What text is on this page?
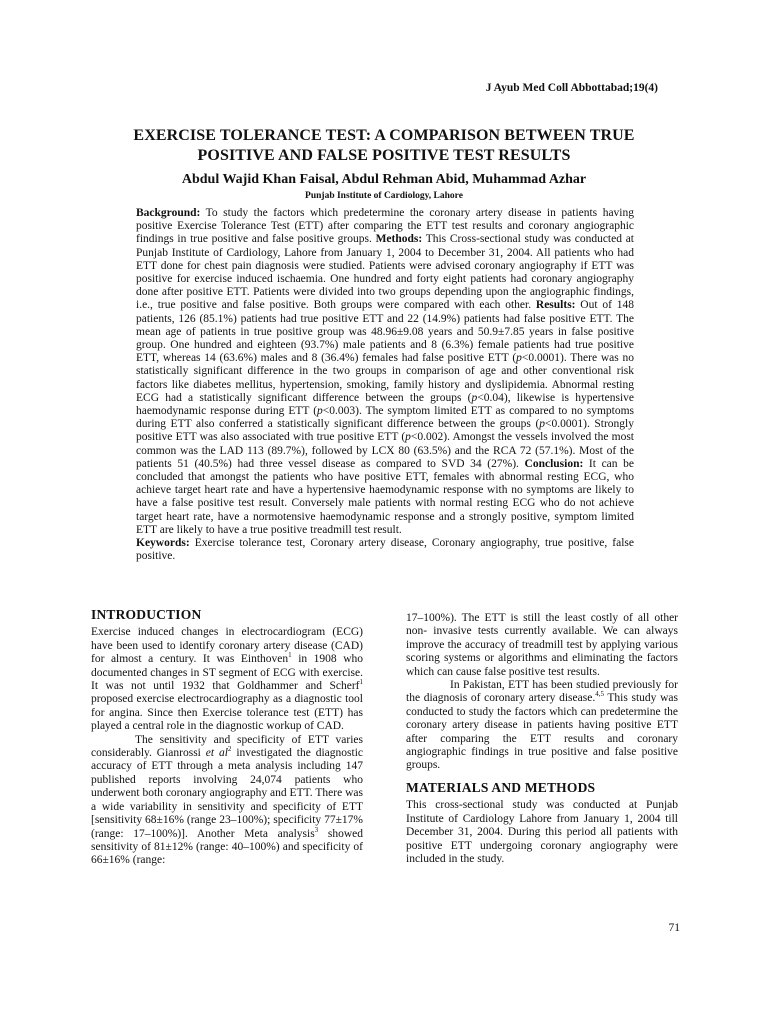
J Ayub Med Coll Abbottabad;19(4)
EXERCISE TOLERANCE TEST: A COMPARISON BETWEEN TRUE
POSITIVE AND FALSE POSITIVE TEST RESULTS
Abdul Wajid Khan Faisal, Abdul Rehman Abid, Muhammad Azhar
Punjab Institute of Cardiology, Lahore

Background: To study the factors which predetermine the coronary artery disease in patients having positive Exercise Tolerance Test (ETT) after comparing the ETT test results and coronary angiographic findings in true positive and false positive groups. Methods: This Cross-sectional study was conducted at Punjab Institute of Cardiology, Lahore from January 1, 2004 to December 31, 2004. All patients who had ETT done for chest pain diagnosis were studied. Patients were advised coronary angiography if ETT was positive for exercise induced ischaemia. One hundred and forty eight patients had coronary angiography done after positive ETT. Patients were divided into two groups depending upon the angiographic findings, i.e., true positive and false positive. Both groups were compared with each other. Results: Out of 148 patients, 126 (85.1%) patients had true positive ETT and 22 (14.9%) patients had false positive ETT. The mean age of patients in true positive group was 48.96±9.08 years and 50.9±7.85 years in false positive group. One hundred and eighteen (93.7%) male patients and 8 (6.3%) female patients had true positive ETT, whereas 14 (63.6%) males and 8 (36.4%) females had false positive ETT (p<0.0001). There was no statistically significant difference in the two groups in comparison of age and other conventional risk factors like diabetes mellitus, hypertension, smoking, family history and dyslipidemia. Abnormal resting ECG had a statistically significant difference between the groups (p<0.04), likewise is hypertensive haemodynamic response during ETT (p<0.003). The symptom limited ETT as compared to no symptoms during ETT also conferred a statistically significant difference between the groups (p<0.0001). Strongly positive ETT was also associated with true positive ETT (p<0.002). Amongst the vessels involved the most common was the LAD 113 (89.7%), followed by LCX 80 (63.5%) and the RCA 72 (57.1%). Most of the patients 51 (40.5%) had three vessel disease as compared to SVD 34 (27%). Conclusion: It can be concluded that amongst the patients who have positive ETT, females with abnormal resting ECG, who achieve target heart rate and have a hypertensive haemodynamic response with no symptoms are likely to have a false positive test result. Conversely male patients with normal resting ECG who do not achieve target heart rate, have a normotensive haemodynamic response and a strongly positive, symptom limited ETT are likely to have a true positive treadmill test result.

Keywords: Exercise tolerance test, Coronary artery disease, Coronary angiography, true positive, false positive.

INTRODUCTION

Exercise induced changes in electrocardiogram (ECG) have been used to identify coronary artery disease (CAD) for almost a century. It was Einthoven$^1$ in 1908 who documented changes in ST segment of ECG with exercise. It was not until 1932 that Goldhammer and Scherf$^1$ proposed exercise electrocardiography as a diagnostic tool for angina. Since then Exercise tolerance test (ETT) has played a central role in the diagnostic workup of CAD.

The sensitivity and specificity of ETT varies considerably. Gianrossi et $al^2$ investigated the diagnostic accuracy of ETT through a meta analysis including 147 published reports involving 24,074 patients who underwent both coronary angiography and ETT. There was a wide variability in sensitivity and specificity of ETT [sensitivity 68±16% (range 23–100%); specificity 77±17% (range: 17–100%)]. Another Meta analysis$^3$ showed sensitivity of 81±12% (range: 40–100%) and specificity of 66±16% (range:

17–100%). The ETT is still the least costly of all other non- invasive tests currently available. We can always improve the accuracy of treadmill test by applying various scoring systems or algorithms and eliminating the factors which can cause false positive test results.

In Pakistan, ETT has been studied previously for the diagnosis of coronary artery disease.$^{4,5}$ This study was conducted to study the factors which can predetermine the coronary artery disease in patients having positive ETT after comparing the ETT results and coronary angiographic findings in true positive and false positive groups.

MATERIALS AND METHODS

This cross-sectional study was conducted at Punjab Institute of Cardiology Lahore from January 1, 2004 till December 31, 2004. During this period all patients with positive ETT undergoing coronary angiography were included in the study.

71
